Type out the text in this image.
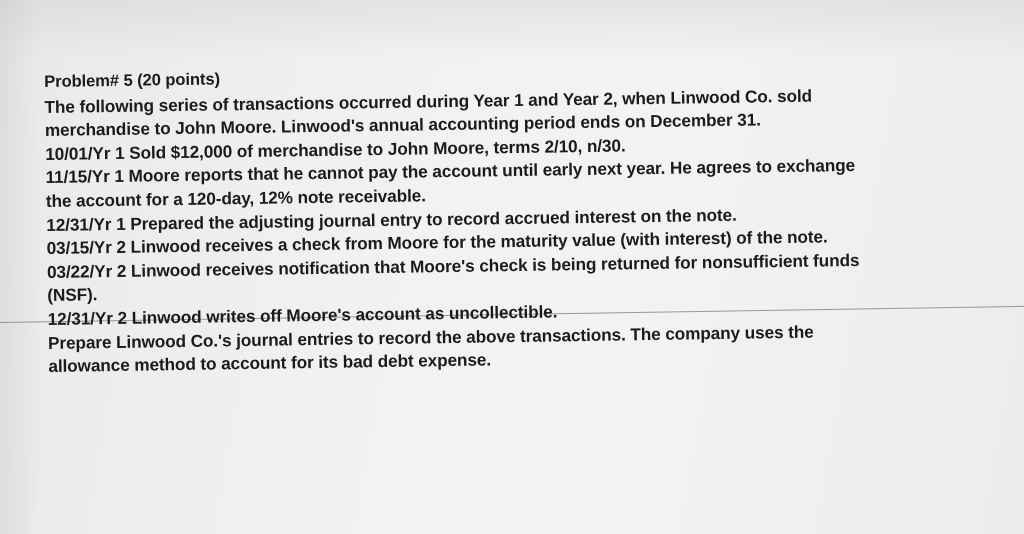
Problem# 5 (20 points)
The following series of transactions occurred during Year 1 and Year 2, when Linwood Co. sold
merchandise to John Moore. Linwood's annual accounting period ends on December 31.
10/01/Yr 1 Sold $12,000 of merchandise to John Moore, terms 2/10, n/30.
11/15/Yr 1 Moore reports that he cannot pay the account until early next year. He agrees to exchange
the account for a 120-day, 12% note receivable.
12/31/Yr 1 Prepared the adjusting journal entry to record accrued interest on the note.
03/15/Yr 2 Linwood receives a check from Moore for the maturity value (with interest) of the note.
03/22/Yr 2 Linwood receives notification that Moore's check is being returned for nonsufficient funds
(NSF).
12/31/Yr 2 Linwood writes off Moore's account as uncollectible.
Prepare Linwood Co.'s journal entries to record the above transactions. The company uses the
allowance method to account for its bad debt expense.
